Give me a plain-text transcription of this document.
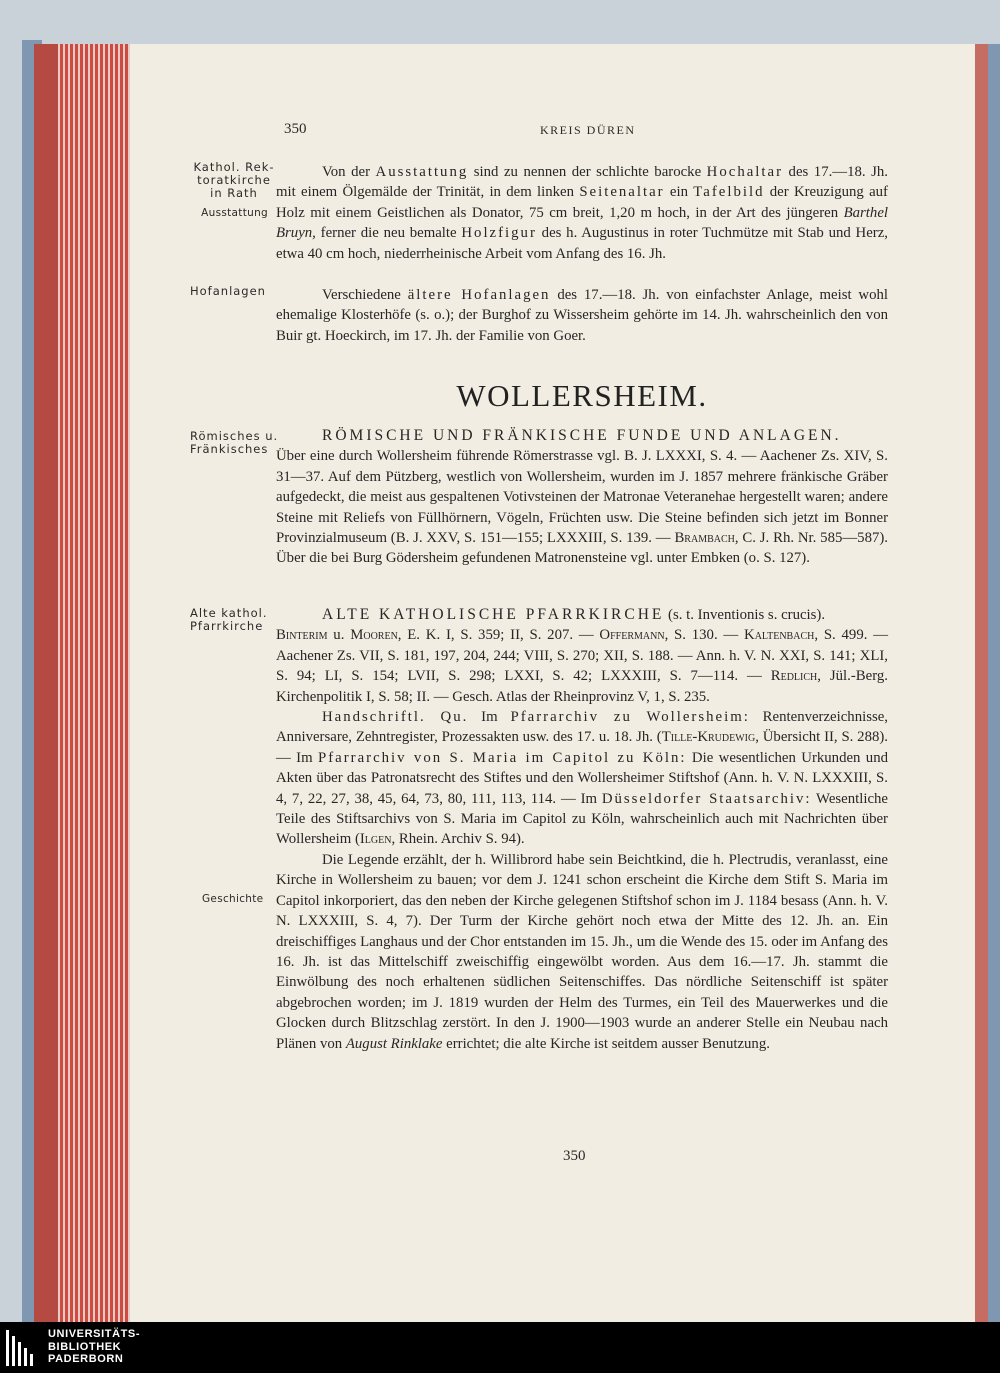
350	KREIS DÜREN
Kathol. Rek-
toratkirche
in Rath
Ausstattung
Hofanlagen
Römisches u.
Fränkisches
Alte kathol.
Pfarrkirche
Geschichte

Von der Ausstattung sind zu nennen der schlichte barocke Hochaltar des 17.—18. Jh. mit einem Ölgemälde der Trinität, in dem linken Seitenaltar ein Tafelbild der Kreuzigung auf Holz mit einem Geistlichen als Donator, 75 cm breit, 1,20 m hoch, in der Art des jüngeren Barthel Bruyn, ferner die neu bemalte Holzfigur des h. Augustinus in roter Tuchmütze mit Stab und Herz, etwa 40 cm hoch, niederrheinische Arbeit vom Anfang des 16. Jh.

Verschiedene ältere Hofanlagen des 17.—18. Jh. von einfachster Anlage, meist wohl ehemalige Klosterhöfe (s. o.); der Burghof zu Wissersheim gehörte im 14. Jh. wahrscheinlich den von Buir gt. Hoeckirch, im 17. Jh. der Familie von Goer.

WOLLERSHEIM.

RÖMISCHE UND FRÄNKISCHE FUNDE UND ANLAGEN.

Über eine durch Wollersheim führende Römerstrasse vgl. B. J. LXXXI, S. 4. — Aachener Zs. XIV, S. 31—37. Auf dem Pützberg, westlich von Wollersheim, wurden im J. 1857 mehrere fränkische Gräber aufgedeckt, die meist aus gespaltenen Votivsteinen der Matronae Veteranehae hergestellt waren; andere Steine mit Reliefs von Füllhörnern, Vögeln, Früchten usw. Die Steine befinden sich jetzt im Bonner Provinzialmuseum (B. J. XXV, S. 151—155; LXXXIII, S. 139. — Brambach, C. J. Rh. Nr. 585—587). Über die bei Burg Gödersheim gefundenen Matronensteine vgl. unter Embken (o. S. 127).

ALTE KATHOLISCHE PFARRKIRCHE (s. t. Inventionis s. crucis).

Binterim u. Mooren, E. K. I, S. 359; II, S. 207. — Offermann, S. 130. — Kaltenbach, S. 499. — Aachener Zs. VII, S. 181, 197, 204, 244; VIII, S. 270; XII, S. 188. — Ann. h. V. N. XXI, S. 141; XLI, S. 94; LI, S. 154; LVII, S. 298; LXXI, S. 42; LXXXIII, S. 7—114. — Redlich, Jül.-Berg. Kirchenpolitik I, S. 58; II. — Gesch. Atlas der Rheinprovinz V, 1, S. 235.

Handschriftl. Qu. Im Pfarrarchiv zu Wollersheim: Rentenverzeichnisse, Anniversare, Zehntregister, Prozessakten usw. des 17. u. 18. Jh. (Tille-Krudewig, Übersicht II, S. 288). — Im Pfarrarchiv von S. Maria im Capitol zu Köln: Die wesentlichen Urkunden und Akten über das Patronatsrecht des Stiftes und den Wollersheimer Stiftshof (Ann. h. V. N. LXXXIII, S. 4, 7, 22, 27, 38, 45, 64, 73, 80, 111, 113, 114. — Im Düsseldorfer Staatsarchiv: Wesentliche Teile des Stiftsarchivs von S. Maria im Capitol zu Köln, wahrscheinlich auch mit Nachrichten über Wollersheim (Ilgen, Rhein. Archiv S. 94).

Die Legende erzählt, der h. Willibrord habe sein Beichtkind, die h. Plectrudis, veranlasst, eine Kirche in Wollersheim zu bauen; vor dem J. 1241 schon erscheint die Kirche dem Stift S. Maria im Capitol inkorporiert, das den neben der Kirche gelegenen Stiftshof schon im J. 1184 besass (Ann. h. V. N. LXXXIII, S. 4, 7). Der Turm der Kirche gehört noch etwa der Mitte des 12. Jh. an. Ein dreischiffiges Langhaus und der Chor entstanden im 15. Jh., um die Wende des 15. oder im Anfang des 16. Jh. ist das Mittelschiff zweischiffig eingewölbt worden. Aus dem 16.—17. Jh. stammt die Einwölbung des noch erhaltenen südlichen Seitenschiffes. Das nördliche Seitenschiff ist später abgebrochen worden; im J. 1819 wurden der Helm des Turmes, ein Teil des Mauerwerkes und die Glocken durch Blitzschlag zerstört. In den J. 1900—1903 wurde an anderer Stelle ein Neubau nach Plänen von August Rinklake errichtet; die alte Kirche ist seitdem ausser Benutzung.

350
UNIVERSITÄTS-
BIBLIOTHEK
PADERBORN
